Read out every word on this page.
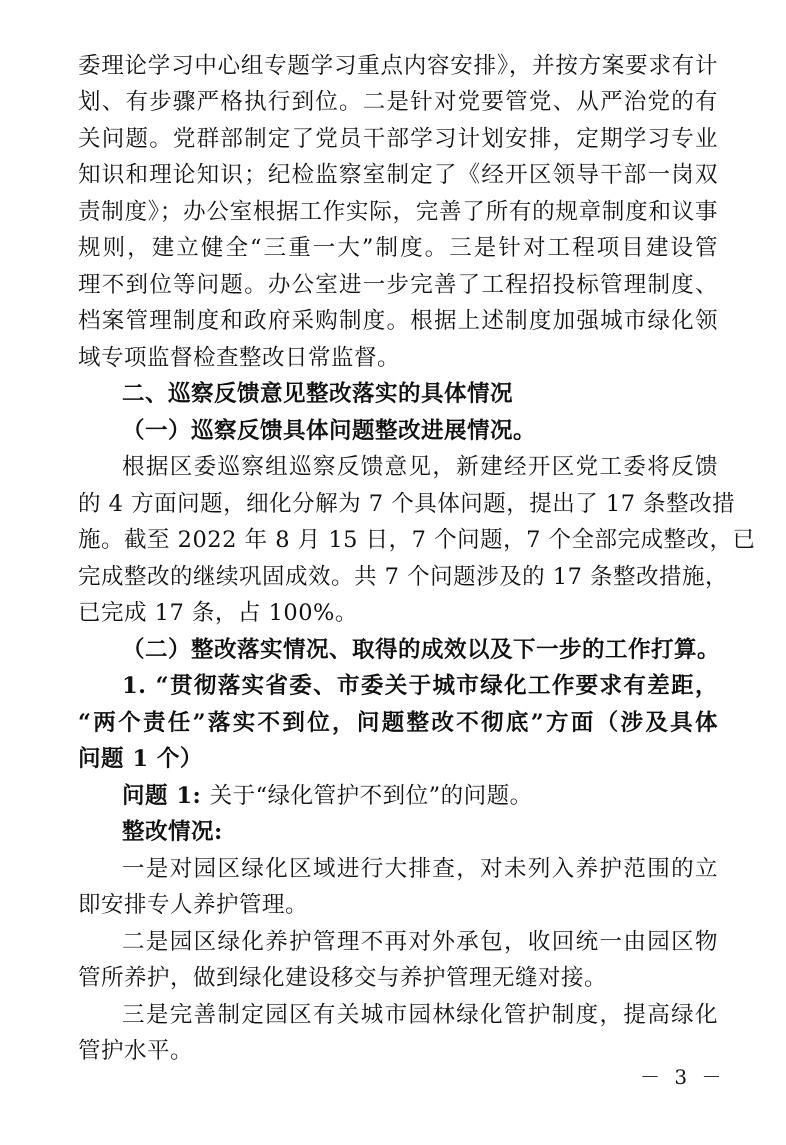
委理论学习中心组专题学习重点内容安排》，并按方案要求有计
划、有步骤严格执行到位。二是针对党要管党、从严治党的有
关问题。党群部制定了党员干部学习计划安排，定期学习专业
知识和理论知识；纪检监察室制定了《经开区领导干部一岗双
责制度》；办公室根据工作实际，完善了所有的规章制度和议事
规则，建立健全“三重一大”制度。三是针对工程项目建设管
理不到位等问题。办公室进一步完善了工程招投标管理制度、
档案管理制度和政府采购制度。根据上述制度加强城市绿化领
域专项监督检查整改日常监督。
二、巡察反馈意见整改落实的具体情况
（一）巡察反馈具体问题整改进展情况。
根据区委巡察组巡察反馈意见，新建经开区党工委将反馈
的 4 方面问题，细化分解为 7 个具体问题，提出了 17 条整改措
施。截至 2022 年 8 月 15 日，7 个问题，7 个全部完成整改，已
完成整改的继续巩固成效。共 7 个问题涉及的 17 条整改措施，
已完成 17 条，占 100%。
（二）整改落实情况、取得的成效以及下一步的工作打算。
1. “贯彻落实省委、市委关于城市绿化工作要求有差距，
“两个责任”落实不到位，问题整改不彻底”方面（涉及具体
问题 1 个）
－ 3 －
问题 1: 关于“绿化管护不到位”的问题。
整改情况:
一是对园区绿化区域进行大排查，对未列入养护范围的立
即安排专人养护管理。
二是园区绿化养护管理不再对外承包，收回统一由园区物
管所养护，做到绿化建设移交与养护管理无缝对接。
三是完善制定园区有关城市园林绿化管护制度，提高绿化
管护水平。
